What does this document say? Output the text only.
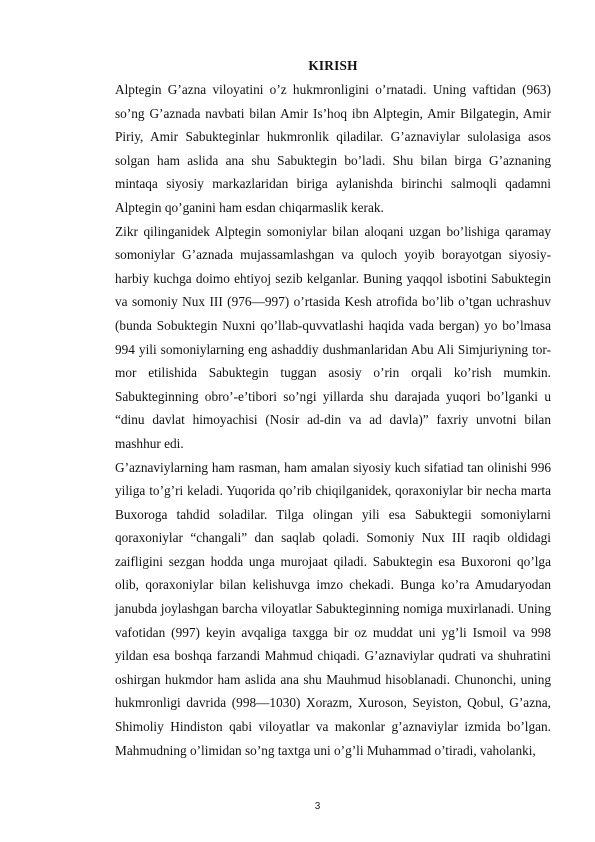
KIRISH

Alptegin G’azna viloyatini o’z hukmronligini o’rnatadi. Uning vaftidan (963) so’ng G’aznada navbati bilan Amir Is’hoq ibn Alptegin, Amir Bilgategin, Amir Piriy, Amir Sabukteginlar hukmronlik qiladilar. G’aznaviylar sulolasiga asos solgan ham aslida ana shu Sabuktegin bo’ladi. Shu bilan birga G’aznaning mintaqa siyosiy markazlaridan biriga aylanishda birinchi salmoqli qadamni Alptegin qo’ganini ham esdan chiqarmaslik kerak.

Zikr qilinganidek Alptegin somoniylar bilan aloqani uzgan bo’lishiga qaramay somoniylar G’aznada mujassamlashgan va quloch yoyib borayotgan siyosiy-harbiy kuchga doimo ehtiyoj sezib kelganlar. Buning yaqqol isbotini Sabuktegin va somoniy Nux III (976—997) o’rtasida Kesh atrofida bo’lib o’tgan uchrashuv (bunda Sobuktegin Nuxni qo’llab-quvvatlashi haqida vada bergan) yo bo’lmasa 994 yili somoniylarning eng ashaddiy dushmanlaridan Abu Ali Simjuriyning tor-mor etilishida Sabuktegin tuggan asosiy o’rin orqali ko’rish mumkin. Sabukteginning obro’-e’tibori so’ngi yillarda shu darajada yuqori bo’lganki u “dinu davlat himoyachisi (Nosir ad-din va ad davla)” faxriy unvotni bilan mashhur edi.

G’aznaviylarning ham rasman, ham amalan siyosiy kuch sifatiad tan olinishi 996 yiliga to’g’ri keladi. Yuqorida qo’rib chiqilganidek, qoraxoniylar bir necha marta Buxoroga tahdid soladilar. Tilga olingan yili esa Sabuktegii somoniylarni qoraxoniylar “changali” dan saqlab qoladi. Somoniy Nux III raqib oldidagi zaifligini sezgan hodda unga murojaat qiladi. Sabuktegin esa Buxoroni qo’lga olib, qoraxoniylar bilan kelishuvga imzo chekadi. Bunga ko’ra Amudaryodan janubda joylashgan barcha viloyatlar Sabukteginning nomiga muxirlanadi. Uning vafotidan (997) keyin avqaliga taxgga bir oz muddat uni yg’li Ismoil va 998 yildan esa boshqa farzandi Mahmud chiqadi. G’aznaviylar qudrati va shuhratini oshirgan hukmdor ham aslida ana shu Mauhmud hisoblanadi. Chunonchi, uning hukmronligi davrida (998—1030) Xorazm, Xuroson, Seyiston, Qobul, G’azna, Shimoliy Hindiston qabi viloyatlar va makonlar g’aznaviylar izmida bo’lgan. Mahmudning o’limidan so’ng taxtga uni o’g’li Muhammad o’tiradi, vaholanki,

3
